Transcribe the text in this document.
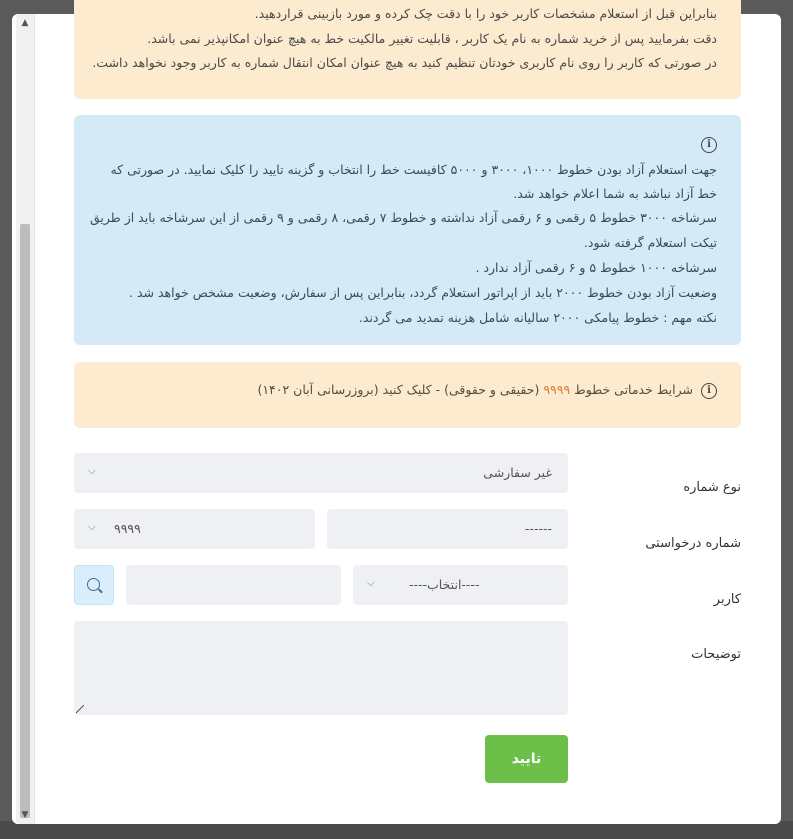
بنابراین قبل از استعلام مشخصات کاربر خود را با دقت چک کرده و مورد بازبینی قراردهید.
دقت بفرمایید پس از خرید شماره به نام یک کاربر ، قابلیت تغییر مالکیت خط به هیچ عنوان امکانپذیر نمی باشد.
در صورتی که کاربر را روی نام کاربری خودتان تنظیم کنید به هیچ عنوان امکان انتقال شماره به کاربر وجود نخواهد داشت.
i
جهت استعلام آزاد بودن خطوط ۱۰۰۰، ۳۰۰۰ و ۵۰۰۰ کافیست خط را انتخاب و گزینه تایید را کلیک نمایید. در صورتی که
خط آزاد نباشد به شما اعلام خواهد شد.
سرشاخه ۳۰۰۰ خطوط ۵ رقمی و ۶ رقمی آزاد نداشته و خطوط ۷ رقمی، ۸ رقمی و ۹ رقمی از این سرشاخه باید از طریق
تیکت استعلام گرفته شود.
سرشاخه ۱۰۰۰ خطوط ۵ و ۶ رقمی آزاد ندارد .
وضعیت آزاد بودن خطوط ۲۰۰۰ باید از اپراتور استعلام گردد، بنابراین پس از سفارش، وضعیت مشخص خواهد شد .
نکته مهم : خطوط پیامکی ۲۰۰۰ سالیانه شامل هزینه تمدید می گردند.
i
شرایط خدماتی خطوط ۹۹۹۹ (حقیقی و حقوقی) - کلیک کنید (بروزرسانی آبان ۱۴۰۲)
نوع شماره
غیر سفارشی
⌵
شماره درخواستی
------
۹۹۹۹
⌵
کاربر
----انتخاب----
⌵
توضیحات
تایید
▲
▼
